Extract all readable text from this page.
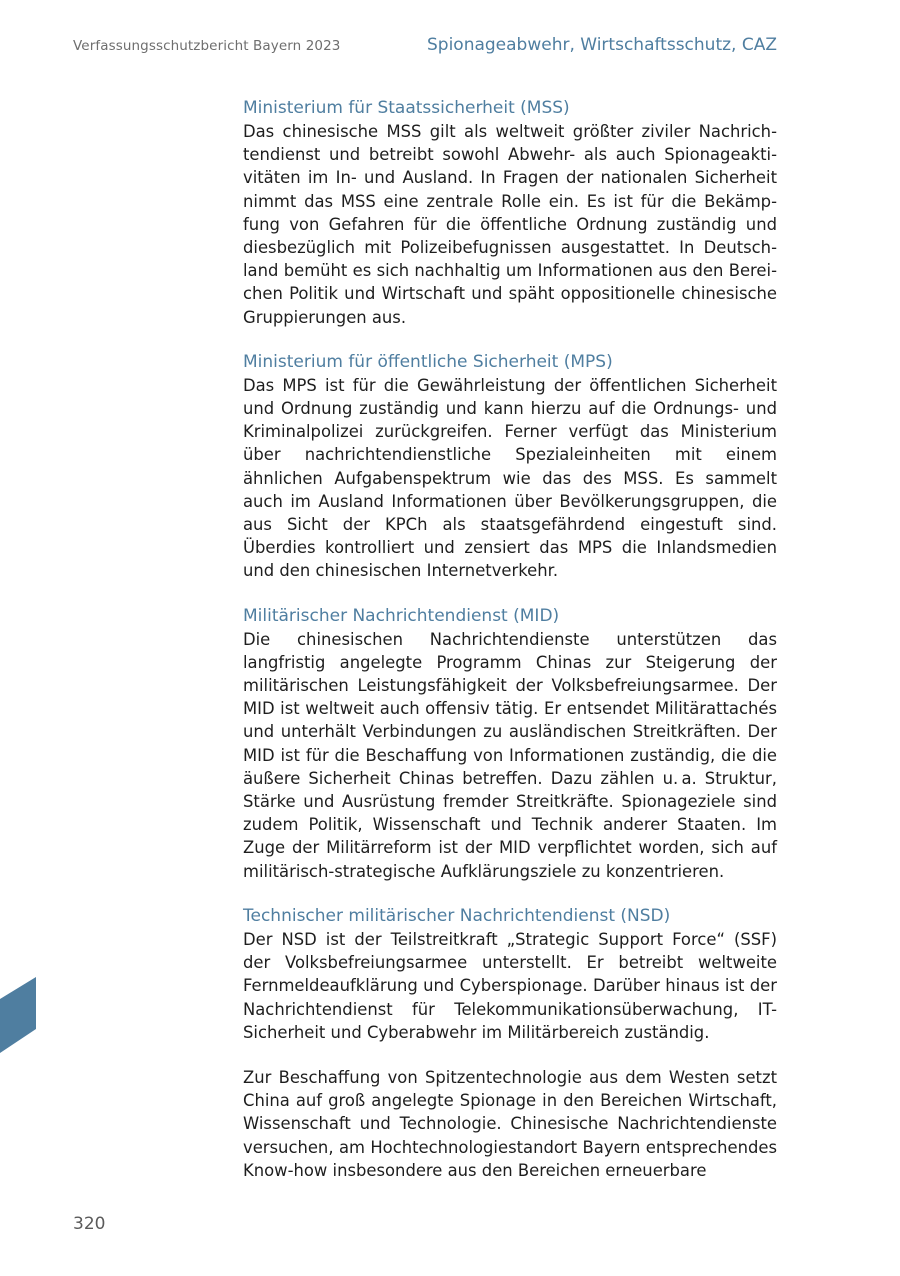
Verfassungsschutzbericht Bayern 2023	Spionageabwehr, Wirtschaftsschutz, CAZ
Ministerium für Staatssicherheit (MSS)

Das chinesische MSS gilt als weltweit größter ziviler Nachrichtendienst und betreibt sowohl Abwehr- als auch Spionageaktivitäten im In- und Ausland. In Fragen der nationalen Sicherheit nimmt das MSS eine zentrale Rolle ein. Es ist für die Bekämpfung von Gefahren für die öffentliche Ordnung zuständig und diesbezüglich mit Polizeibefugnissen ausgestattet. In Deutschland bemüht es sich nachhaltig um Informationen aus den Bereichen Politik und Wirtschaft und späht oppositionelle chinesische Gruppierungen aus.

Ministerium für öffentliche Sicherheit (MPS)

Das MPS ist für die Gewährleistung der öffentlichen Sicherheit und Ordnung zuständig und kann hierzu auf die Ordnungs- und Kriminalpolizei zurückgreifen. Ferner verfügt das Ministerium über nachrichtendienstliche Spezialeinheiten mit einem ähnlichen Aufgabenspektrum wie das des MSS. Es sammelt auch im Ausland Informationen über Bevölkerungsgruppen, die aus Sicht der KPCh als staatsgefährdend eingestuft sind. Überdies kontrolliert und zensiert das MPS die Inlandsmedien und den chinesischen Internetverkehr.

Militärischer Nachrichtendienst (MID)

Die chinesischen Nachrichtendienste unterstützen das langfristig angelegte Programm Chinas zur Steigerung der militärischen Leistungsfähigkeit der Volksbefreiungsarmee. Der MID ist weltweit auch offensiv tätig. Er entsendet Militärattachés und unterhält Verbindungen zu ausländischen Streitkräften. Der MID ist für die Beschaffung von Informationen zuständig, die die äußere Sicherheit Chinas betreffen. Dazu zählen u. a. Struktur, Stärke und Ausrüstung fremder Streitkräfte. Spionageziele sind zudem Politik, Wissenschaft und Technik anderer Staaten. Im Zuge der Militärreform ist der MID verpflichtet worden, sich auf militärisch-strategische Aufklärungsziele zu konzentrieren.

Technischer militärischer Nachrichtendienst (NSD)

Der NSD ist der Teilstreitkraft „Strategic Support Force“ (SSF) der Volksbefreiungsarmee unterstellt. Er betreibt weltweite Fernmeldeaufklärung und Cyberspionage. Darüber hinaus ist der Nachrichtendienst für Telekommunikationsüberwachung, IT-Sicherheit und Cyberabwehr im Militärbereich zuständig.

Zur Beschaffung von Spitzentechnologie aus dem Westen setzt China auf groß angelegte Spionage in den Bereichen Wirtschaft, Wissenschaft und Technologie. Chinesische Nachrichtendienste versuchen, am Hochtechnologiestandort Bayern entsprechendes Know-how insbesondere aus den Bereichen erneuerbare

320
